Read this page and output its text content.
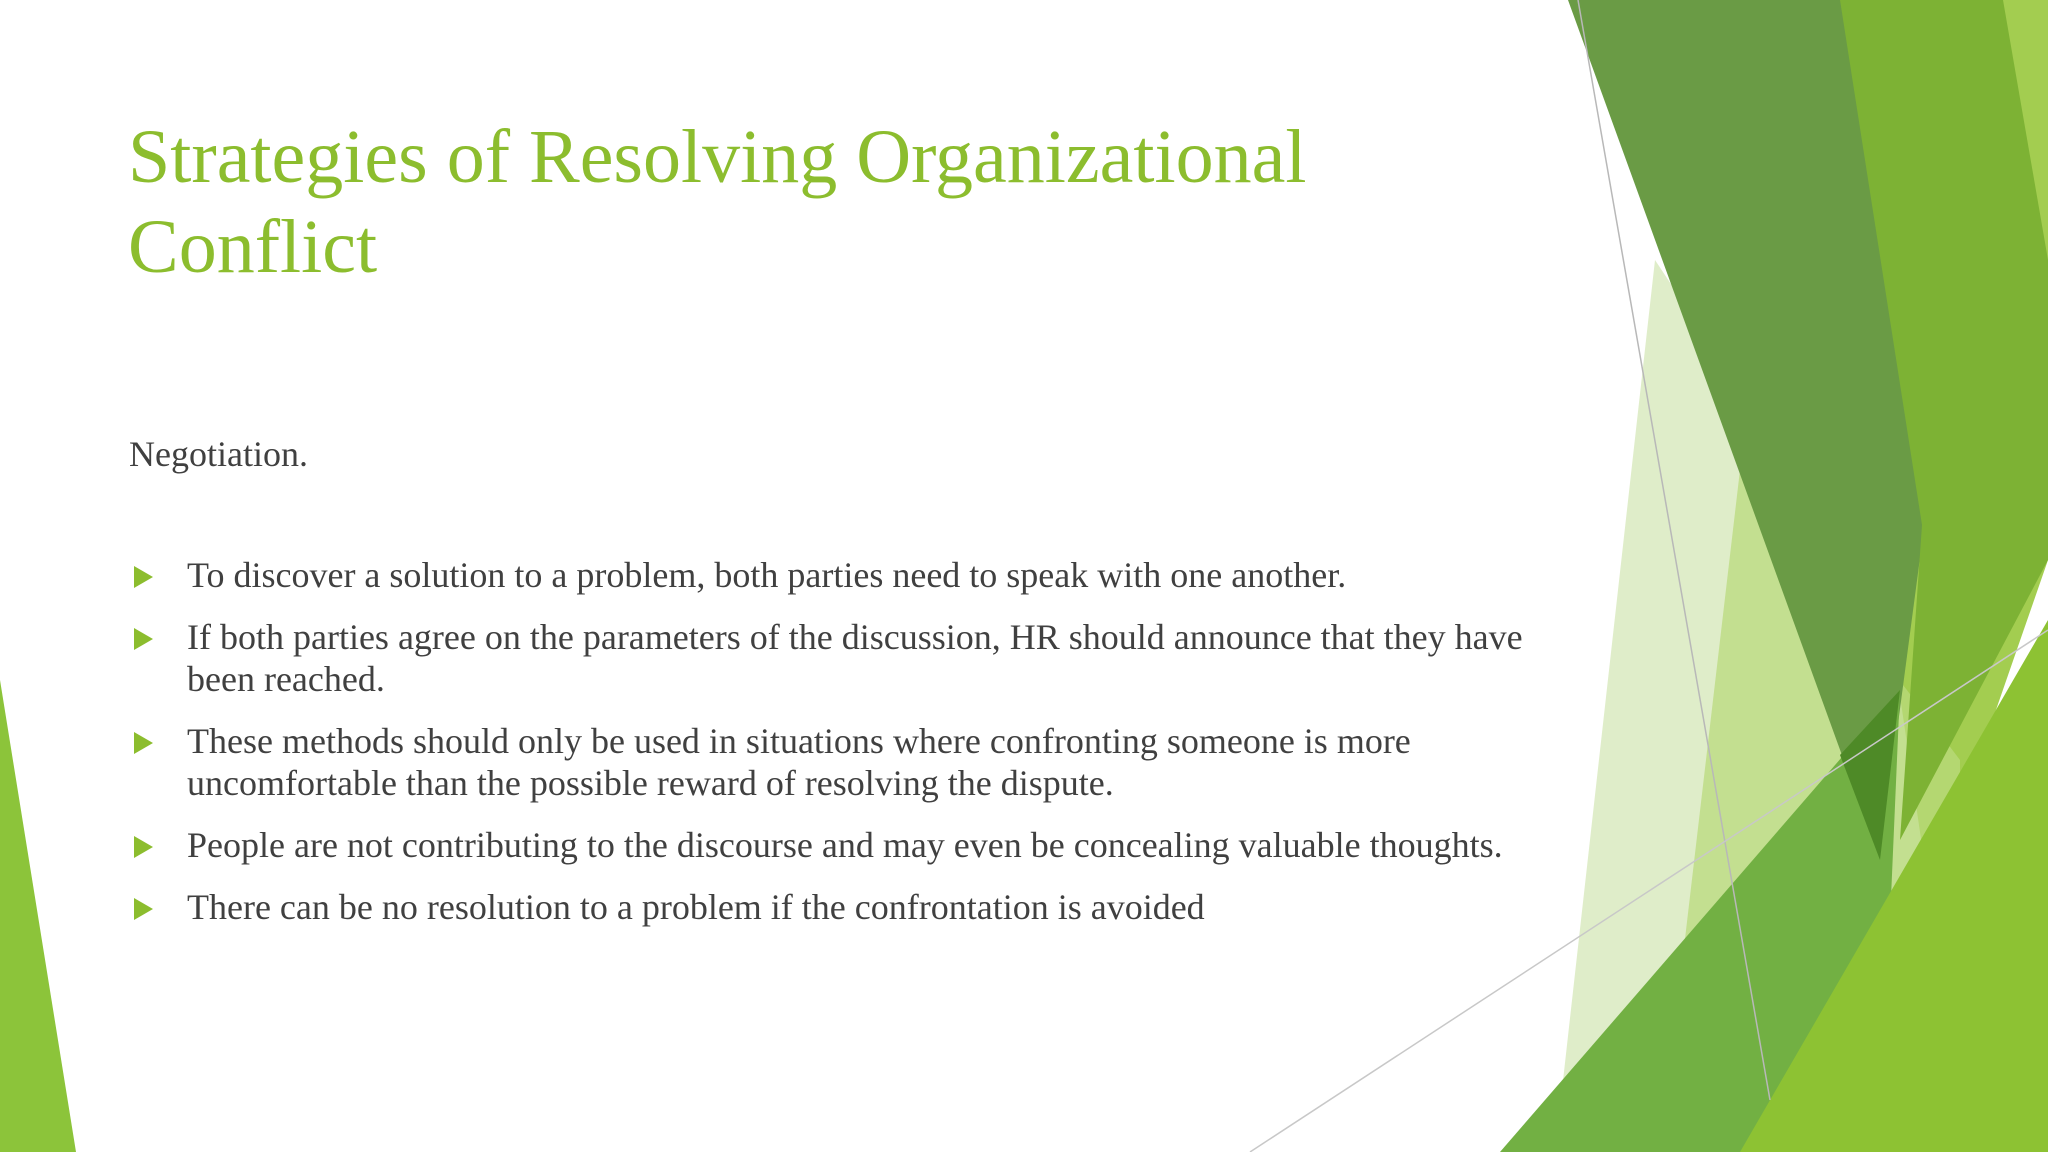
Strategies of Resolving Organizational Conflict

Negotiation.

To discover a solution to a problem, both parties need to speak with one another.
If both parties agree on the parameters of the discussion, HR should announce that they have been reached.
These methods should only be used in situations where confronting someone is more uncomfortable than the possible reward of resolving the dispute.
People are not contributing to the discourse and may even be concealing valuable thoughts.
There can be no resolution to a problem if the confrontation is avoided
